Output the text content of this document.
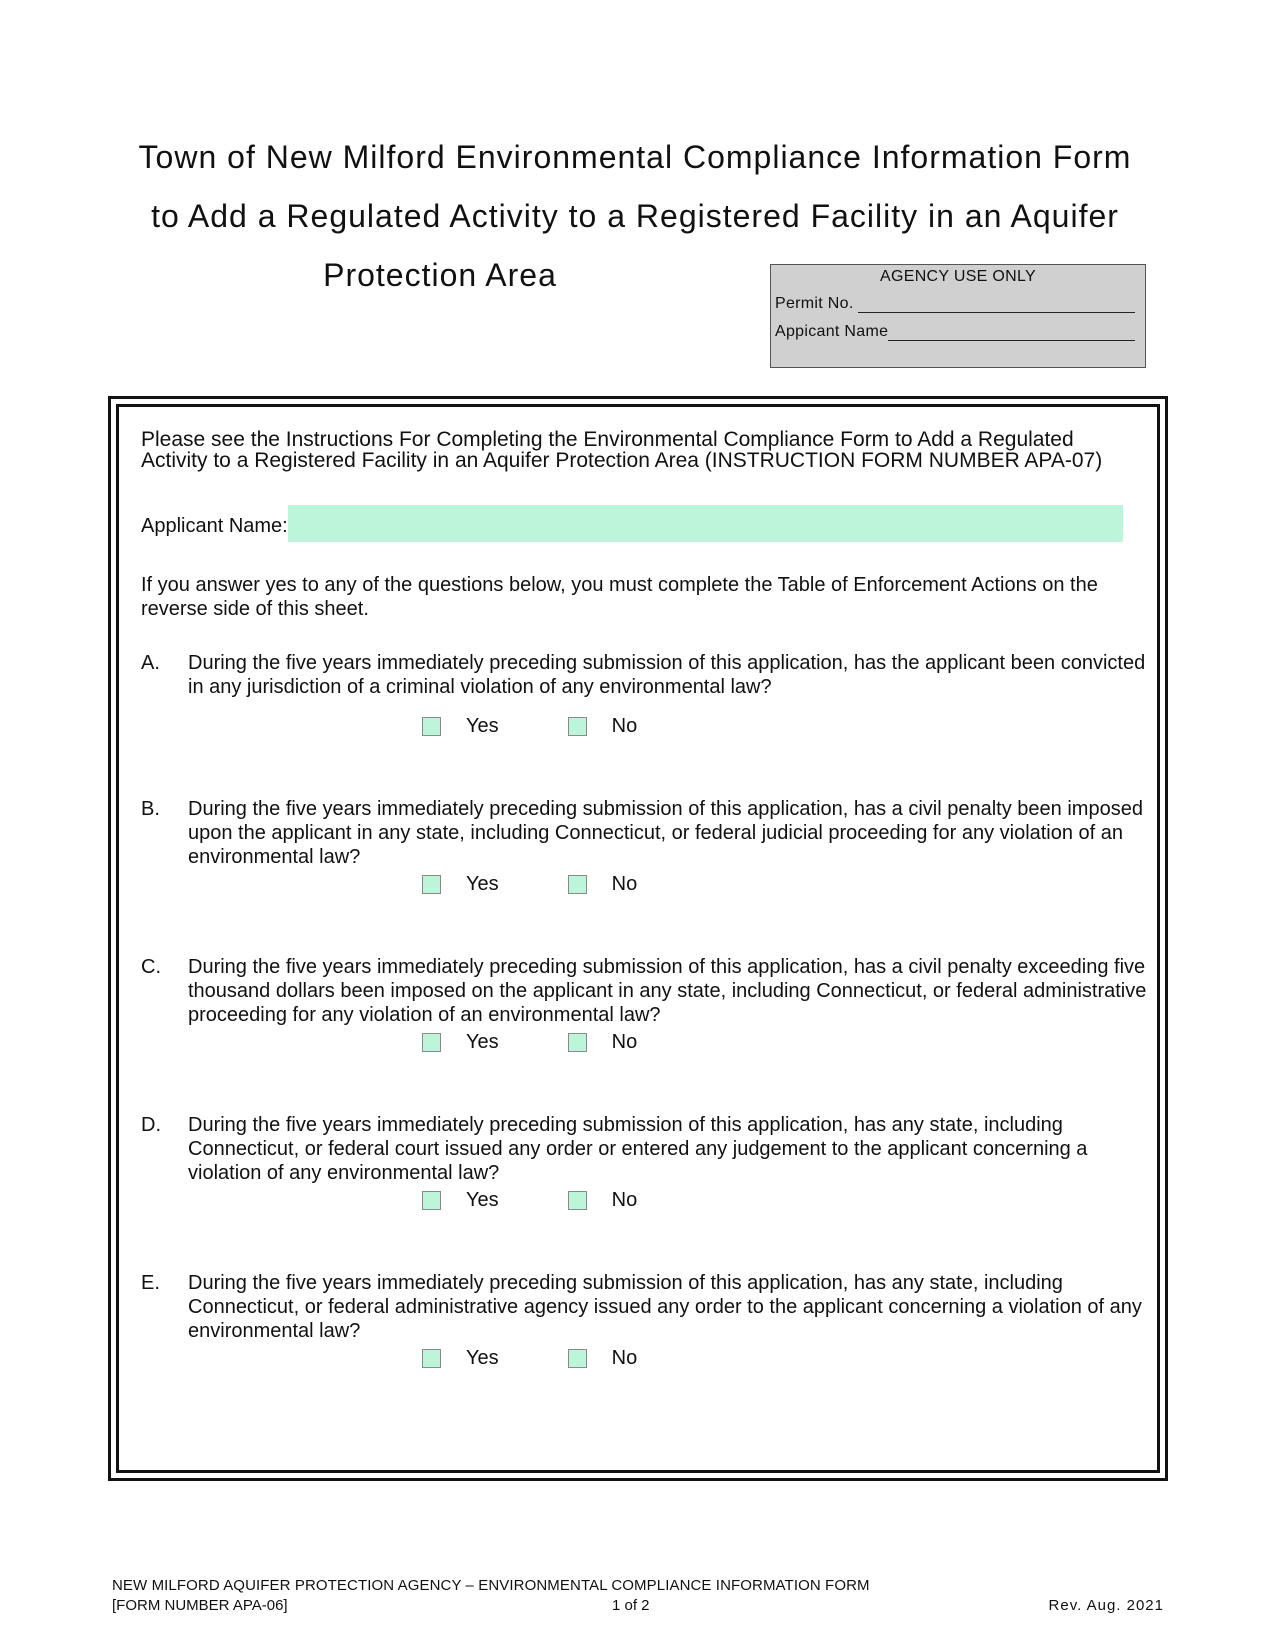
Town of New Milford Environmental Compliance Information Form
to Add a Regulated Activity to a Registered Facility in an Aquifer
Protection Area	AGENCY USE ONLY
Permit No.
Appicant Name
Please see the Instructions For Completing the Environmental Compliance Form to Add a Regulated Activity to a Registered Facility in an Aquifer Protection Area (INSTRUCTION FORM NUMBER APA-07)
Applicant Name:
If you answer yes to any of the questions below, you must complete the Table of Enforcement Actions on the reverse side of this sheet.
A. During the five years immediately preceding submission of this application, has the applicant been convicted in any jurisdiction of a criminal violation of any environmental law?
Yes	No
B. During the five years immediately preceding submission of this application, has a civil penalty been imposed upon the applicant in any state, including Connecticut, or federal judicial proceeding for any violation of an environmental law?
Yes	No
C. During the five years immediately preceding submission of this application, has a civil penalty exceeding five thousand dollars been imposed on the applicant in any state, including Connecticut, or federal administrative proceeding for any violation of an environmental law?
Yes	No
D. During the five years immediately preceding submission of this application, has any state, including Connecticut, or federal court issued any order or entered any judgement to the applicant concerning a violation of any environmental law?
Yes	No
E. During the five years immediately preceding submission of this application, has any state, including Connecticut, or federal administrative agency issued any order to the applicant concerning a violation of any environmental law?
Yes	No
NEW MILFORD AQUIFER PROTECTION AGENCY – ENVIRONMENTAL COMPLIANCE INFORMATION FORM
[FORM NUMBER APA-06]	1 of 2	Rev. Aug. 2021
